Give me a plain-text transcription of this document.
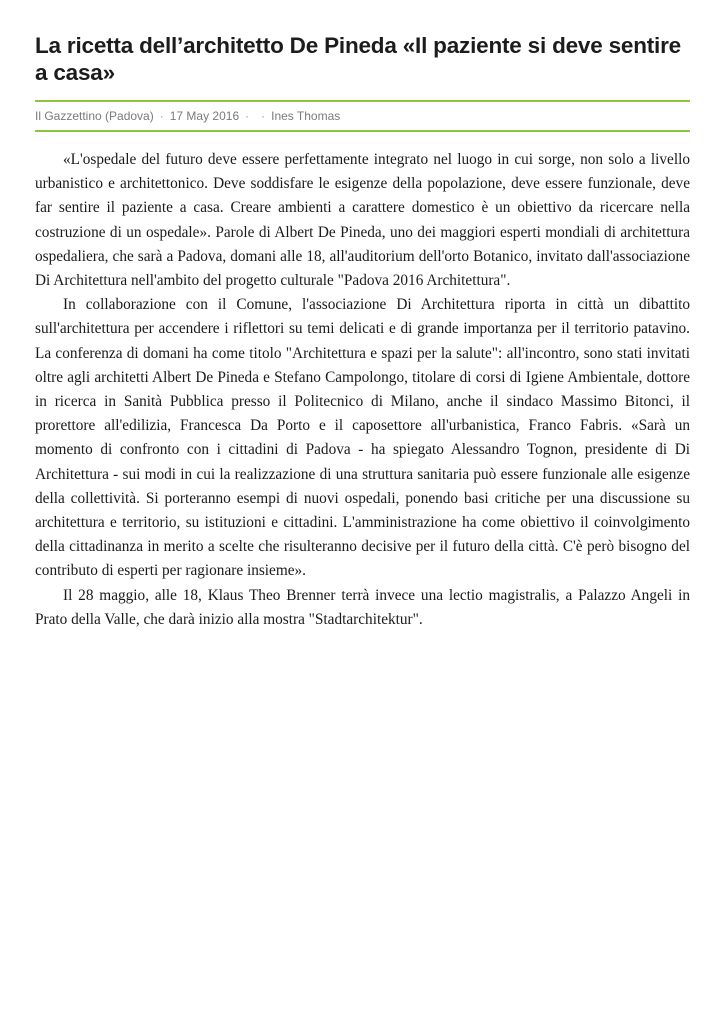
La ricetta dell’architetto De Pineda «Il paziente si deve sentire a casa»
Il Gazzettino (Padova) · 17 May 2016 · · Ines Thomas

«L'ospedale del futuro deve essere perfettamente integrato nel luogo in cui sorge, non solo a livello urbanistico e architettonico. Deve soddisfare le esigenze della popolazione, deve essere funzionale, deve far sentire il paziente a casa. Creare ambienti a carattere domestico è un obiettivo da ricercare nella costruzione di un ospedale». Parole di Albert De Pineda, uno dei maggiori esperti mondiali di architettura ospedaliera, che sarà a Padova, domani alle 18, all'auditorium dell'orto Botanico, invitato dall'associazione Di Architettura nell'ambito del progetto culturale "Padova 2016 Architettura".

In collaborazione con il Comune, l'associazione Di Architettura riporta in città un dibattito sull'architettura per accendere i riflettori su temi delicati e di grande importanza per il territorio patavino. La conferenza di domani ha come titolo "Architettura e spazi per la salute": all'incontro, sono stati invitati oltre agli architetti Albert De Pineda e Stefano Campolongo, titolare di corsi di Igiene Ambientale, dottore in ricerca in Sanità Pubblica presso il Politecnico di Milano, anche il sindaco Massimo Bitonci, il prorettore all'edilizia, Francesca Da Porto e il caposettore all'urbanistica, Franco Fabris. «Sarà un momento di confronto con i cittadini di Padova - ha spiegato Alessandro Tognon, presidente di Di Architettura - sui modi in cui la realizzazione di una struttura sanitaria può essere funzionale alle esigenze della collettività. Si porteranno esempi di nuovi ospedali, ponendo basi critiche per una discussione su architettura e territorio, su istituzioni e cittadini. L'amministrazione ha come obiettivo il coinvolgimento della cittadinanza in merito a scelte che risulteranno decisive per il futuro della città. C'è però bisogno del contributo di esperti per ragionare insieme».

Il 28 maggio, alle 18, Klaus Theo Brenner terrà invece una lectio magistralis, a Palazzo Angeli in Prato della Valle, che darà inizio alla mostra "Stadtarchitektur".
